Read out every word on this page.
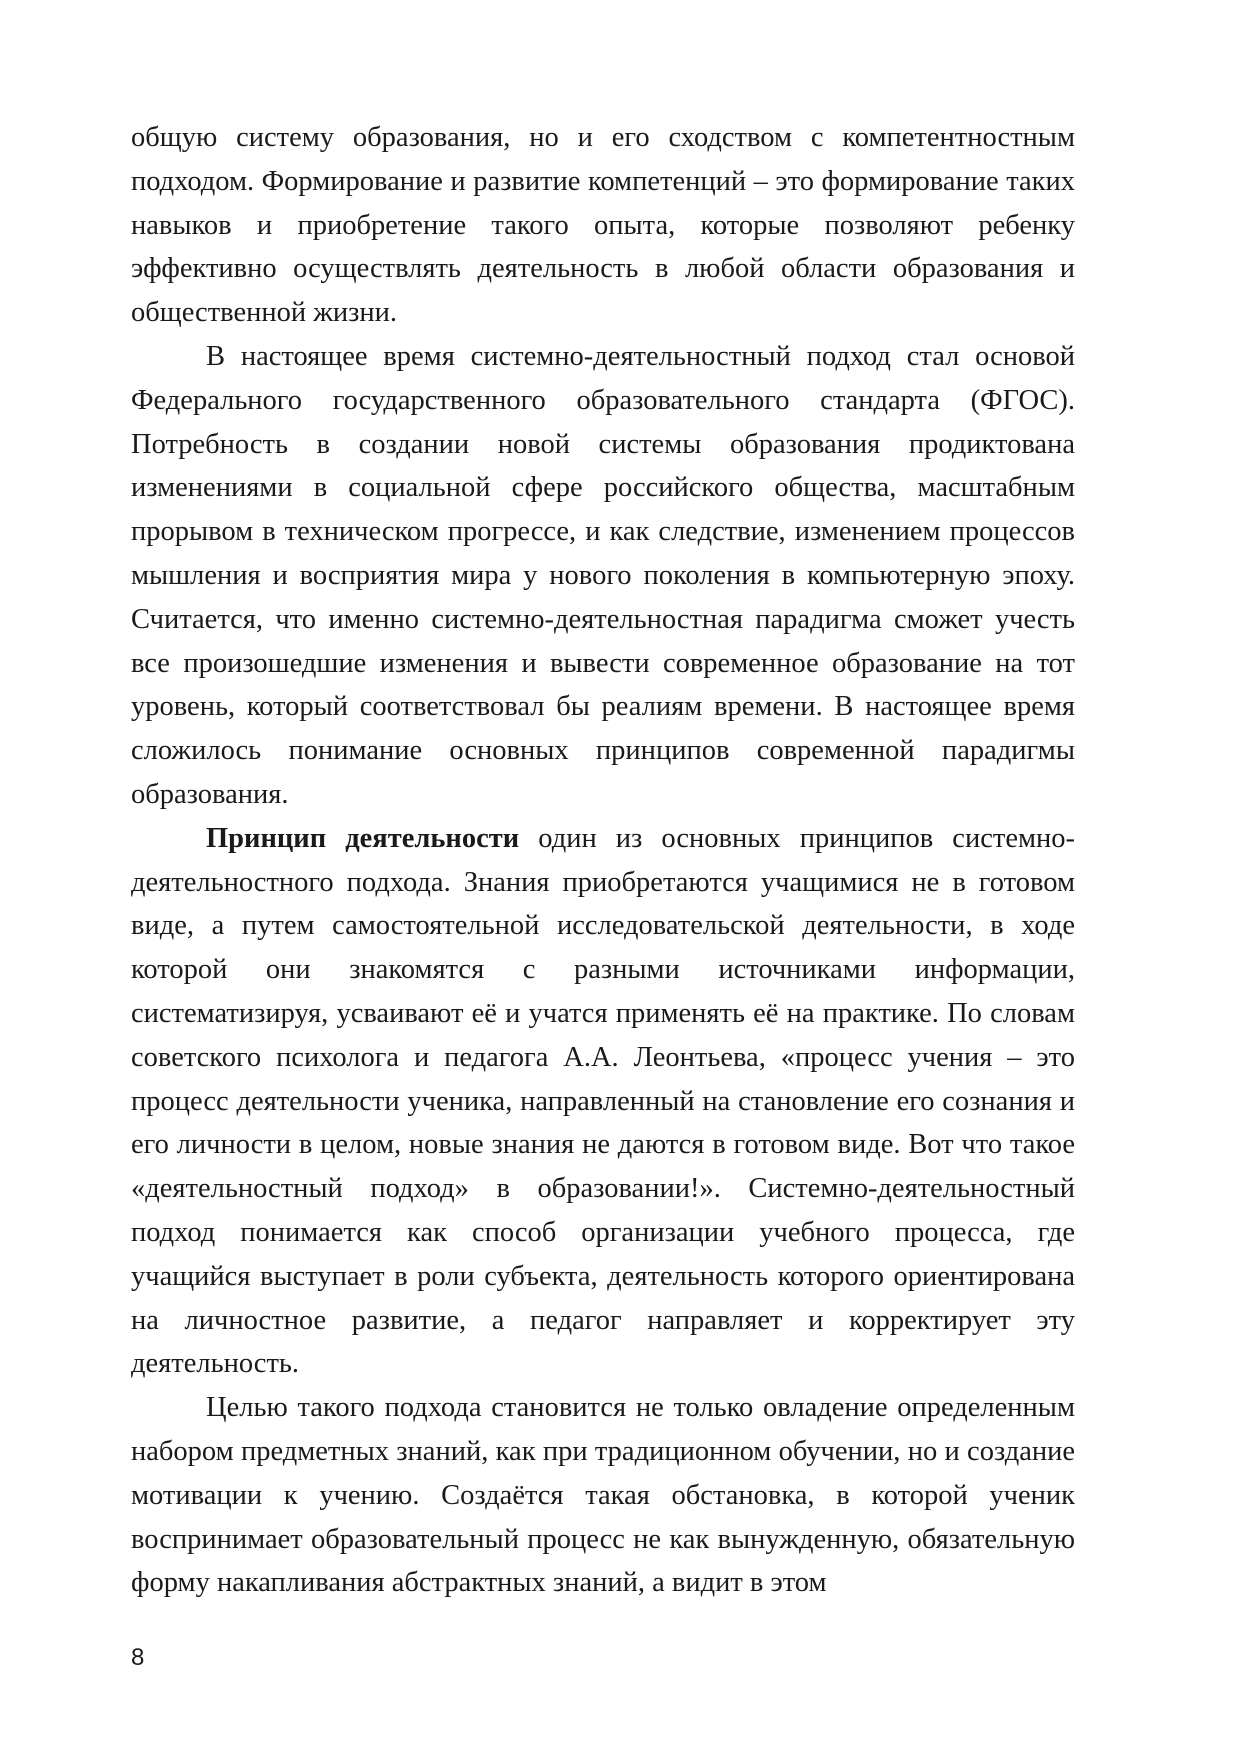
общую систему образования, но и его сходством с компетентностным подходом. Формирование и развитие компетенций – это формирование таких навыков и приобретение такого опыта, которые позволяют ребенку эффективно осуществлять деятельность в любой области образования и общественной жизни.

В настоящее время системно-деятельностный подход стал основой Федерального государственного образовательного стандарта (ФГОС). Потребность в создании новой системы образования продиктована изменениями в социальной сфере российского общества, масштабным прорывом в техническом прогрессе, и как следствие, изменением процессов мышления и восприятия мира у нового поколения в компьютерную эпоху. Считается, что именно системно-деятельностная парадигма сможет учесть все произошедшие изменения и вывести современное образование на тот уровень, который соответствовал бы реалиям времени. В настоящее время сложилось понимание основных принципов современной парадигмы образования.

Принцип деятельности один из основных принципов системно-деятельностного подхода. Знания приобретаются учащимися не в готовом виде, а путем самостоятельной исследовательской деятельности, в ходе которой они знакомятся с разными источниками информации, систематизируя, усваивают её и учатся применять её на практике. По словам советского психолога и педагога А.А. Леонтьева, «процесс учения – это процесс деятельности ученика, направленный на становление его сознания и его личности в целом, новые знания не даются в готовом виде. Вот что такое «деятельностный подход» в образовании!». Системно-деятельностный подход понимается как способ организации учебного процесса, где учащийся выступает в роли субъекта, деятельность которого ориентирована на личностное развитие, а педагог направляет и корректирует эту деятельность.

Целью такого подхода становится не только овладение определенным набором предметных знаний, как при традиционном обучении, но и создание мотивации к учению. Создаётся такая обстановка, в которой ученик воспринимает образовательный процесс не как вынужденную, обязательную форму накапливания абстрактных знаний, а видит в этом

8
